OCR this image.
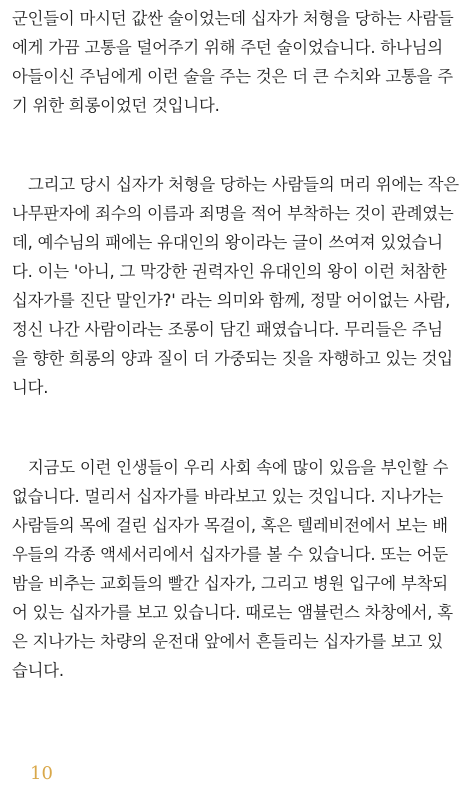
군인들이 마시던 값싼 술이었는데 십자가 처형을 당하는 사람들
에게 가끔 고통을 덜어주기 위해 주던 술이었습니다. 하나님의
아들이신 주님에게 이런 술을 주는 것은 더 큰 수치와 고통을 주
기 위한 희롱이었던 것입니다.
그리고 당시 십자가 처형을 당하는 사람들의 머리 위에는 작은
나무판자에 죄수의 이름과 죄명을 적어 부착하는 것이 관례였는
데, 예수님의 패에는 유대인의 왕이라는 글이 쓰여져 있었습니
다. 이는 '아니, 그 막강한 권력자인 유대인의 왕이 이런 처참한
십자가를 진단 말인가?' 라는 의미와 함께, 정말 어이없는 사람,
정신 나간 사람이라는 조롱이 담긴 패였습니다. 무리들은 주님
을 향한 희롱의 양과 질이 더 가중되는 짓을 자행하고 있는 것입
니다.
지금도 이런 인생들이 우리 사회 속에 많이 있음을 부인할 수
없습니다. 멀리서 십자가를 바라보고 있는 것입니다. 지나가는
사람들의 목에 걸린 십자가 목걸이, 혹은 텔레비전에서 보는 배
우들의 각종 액세서리에서 십자가를 볼 수 있습니다. 또는 어둔
밤을 비추는 교회들의 빨간 십자가, 그리고 병원 입구에 부착되
어 있는 십자가를 보고 있습니다. 때로는 앰뷸런스 차창에서, 혹
은 지나가는 차량의 운전대 앞에서 흔들리는 십자가를 보고 있
습니다.
10
